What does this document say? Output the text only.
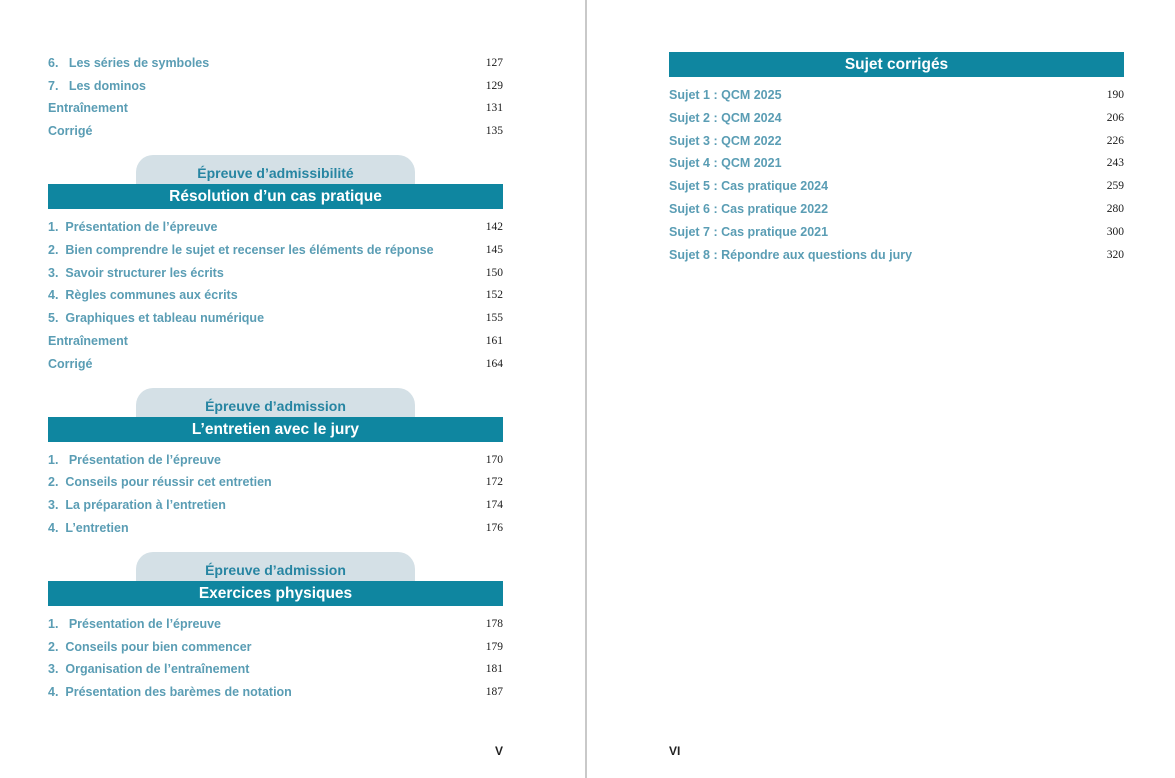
6.   Les séries de symboles	127
7.   Les dominos	129
Entraînement	131
Corrigé	135
Épreuve d’admissibilité
Résolution d’un cas pratique
1.  Présentation de l’épreuve	142
2.  Bien comprendre le sujet et recenser les éléments de réponse	145
3.  Savoir structurer les écrits	150
4.  Règles communes aux écrits	152
5.  Graphiques et tableau numérique	155
Entraînement	161
Corrigé	164
Épreuve d’admission
L’entretien avec le jury
1.   Présentation de l’épreuve	170
2.  Conseils pour réussir cet entretien	172
3.  La préparation à l’entretien	174
4.  L’entretien	176
Épreuve d’admission
Exercices physiques
1.   Présentation de l’épreuve	178
2.  Conseils pour bien commencer	179
3.  Organisation de l’entraînement	181
4.  Présentation des barèmes de notation	187
V
Sujet corrigés
Sujet 1 : QCM 2025	190
Sujet 2 : QCM 2024	206
Sujet 3 : QCM 2022	226
Sujet 4 : QCM 2021	243
Sujet 5 : Cas pratique 2024	259
Sujet 6 : Cas pratique 2022	280
Sujet 7 : Cas pratique 2021	300
Sujet 8 : Répondre aux questions du jury	320
VI
